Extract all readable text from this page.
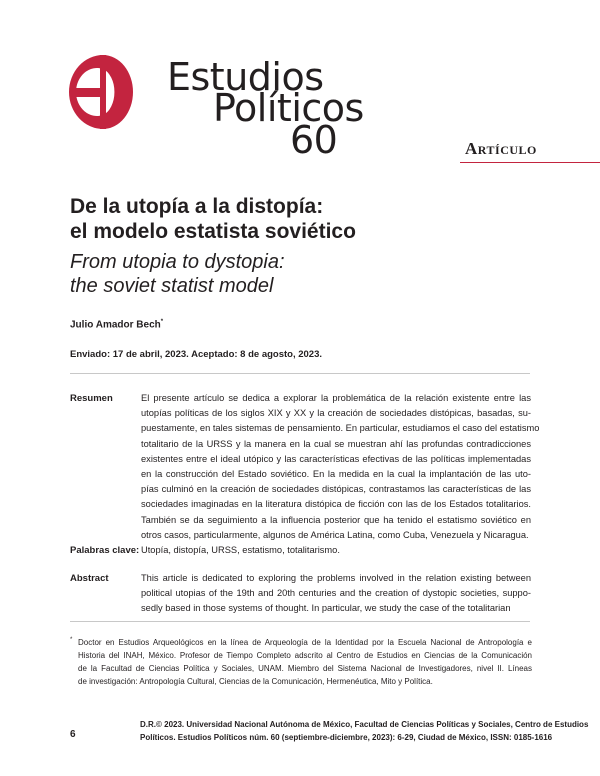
Estudios
Políticos
60	Artículo
De la utopía a la distopía:
el modelo estatista soviético
From utopia to dystopia:
the soviet statist model
Julio Amador Bech*
Enviado: 17 de abril, 2023. Aceptado: 8 de agosto, 2023.
Resumen	El presente artículo se dedica a explorar la problemática de la relación existente entre las

utopías políticas de los siglos XIX y XX y la creación de sociedades distópicas, basadas, su-

puestamente, en tales sistemas de pensamiento. En particular, estudiamos el caso del estatismo

totalitario de la URSS y la manera en la cual se muestran ahí las profundas contradicciones

existentes entre el ideal utópico y las características efectivas de las políticas implementadas

en la construcción del Estado soviético. En la medida en la cual la implantación de las uto-

pías culminó en la creación de sociedades distópicas, contrastamos las características de las

sociedades imaginadas en la literatura distópica de ficción con las de los Estados totalitarios.

También se da seguimiento a la influencia posterior que ha tenido el estatismo soviético en

otros casos, particularmente, algunos de América Latina, como Cuba, Venezuela y Nicaragua.

Palabras clave: Utopía, distopía, URSS, estatismo, totalitarismo.

Abstract	This article is dedicated to exploring the problems involved in the relation existing between

political utopias of the 19th and 20th centuries and the creation of dystopic societies, suppo-

sedly based in those systems of thought. In particular, we study the case of the totalitarian

* Doctor en Estudios Arqueológicos en la línea de Arqueología de la Identidad por la Escuela Nacional de Antropología e

Historia del INAH, México. Profesor de Tiempo Completo adscrito al Centro de Estudios en Ciencias de la Comunicación

de la Facultad de Ciencias Política y Sociales, UNAM. Miembro del Sistema Nacional de Investigadores, nivel II. Líneas

de investigación: Antropología Cultural, Ciencias de la Comunicación, Hermenéutica, Mito y Política.

6

D.R.© 2023. Universidad Nacional Autónoma de México, Facultad de Ciencias Políticas y Sociales, Centro de Estudios

Políticos. Estudios Políticos núm. 60 (septiembre-diciembre, 2023): 6-29, Ciudad de México, ISSN: 0185-1616
